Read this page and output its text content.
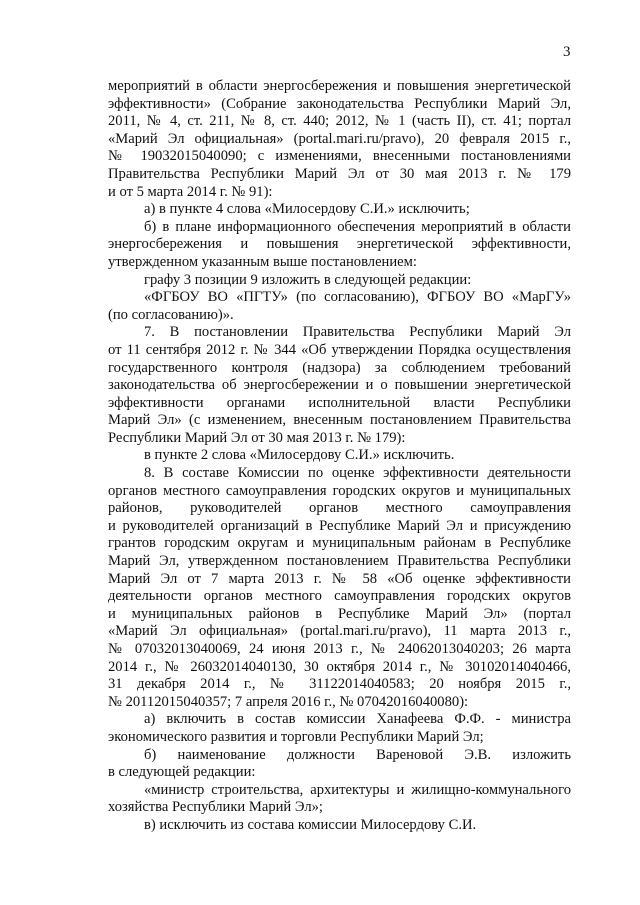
3
мероприятий в области энергосбережения и повышения энергетической
эффективности» (Собрание законодательства Республики Марий Эл,
2011, № 4, ст. 211, № 8, ст. 440; 2012, № 1 (часть II), ст. 41; портал
«Марий Эл официальная» (portal.mari.ru/pravo), 20 февраля 2015 г.,
№ 19032015040090; с изменениями, внесенными постановлениями
Правительства Республики Марий Эл от 30 мая 2013 г. № 179
и от 5 марта 2014 г. № 91):
а) в пункте 4 слова «Милосердову С.И.» исключить;
б) в плане информационного обеспечения мероприятий в области
энергосбережения и повышения энергетической эффективности,
утвержденном указанным выше постановлением:
графу 3 позиции 9 изложить в следующей редакции:
«ФГБОУ ВО «ПГТУ» (по согласованию), ФГБОУ ВО «МарГУ»
(по согласованию)».
7. В постановлении Правительства Республики Марий Эл
от 11 сентября 2012 г. № 344 «Об утверждении Порядка осуществления
государственного контроля (надзора) за соблюдением требований
законодательства об энергосбережении и о повышении энергетической
эффективности органами исполнительной власти Республики
Марий Эл» (с изменением, внесенным постановлением Правительства
Республики Марий Эл от 30 мая 2013 г. № 179):
в пункте 2 слова «Милосердову С.И.» исключить.
8. В составе Комиссии по оценке эффективности деятельности
органов местного самоуправления городских округов и муниципальных
районов, руководителей органов местного самоуправления
и руководителей организаций в Республике Марий Эл и присуждению
грантов городским округам и муниципальным районам в Республике
Марий Эл, утвержденном постановлением Правительства Республики
Марий Эл от 7 марта 2013 г. № 58 «Об оценке эффективности
деятельности органов местного самоуправления городских округов
и муниципальных районов в Республике Марий Эл» (портал
«Марий Эл официальная» (portal.mari.ru/pravo), 11 марта 2013 г.,
№ 07032013040069, 24 июня 2013 г., № 24062013040203; 26 марта
2014 г., № 26032014040130, 30 октября 2014 г., № 30102014040466,
31 декабря 2014 г., № 31122014040583; 20 ноября 2015 г.,
№ 20112015040357; 7 апреля 2016 г., № 07042016040080):
а) включить в состав комиссии Ханафеева Ф.Ф. - министра
экономического развития и торговли Республики Марий Эл;
б) наименование должности Вареновой Э.В. изложить
в следующей редакции:
«министр строительства, архитектуры и жилищно-коммунального
хозяйства Республики Марий Эл»;
в) исключить из состава комиссии Милосердову С.И.
